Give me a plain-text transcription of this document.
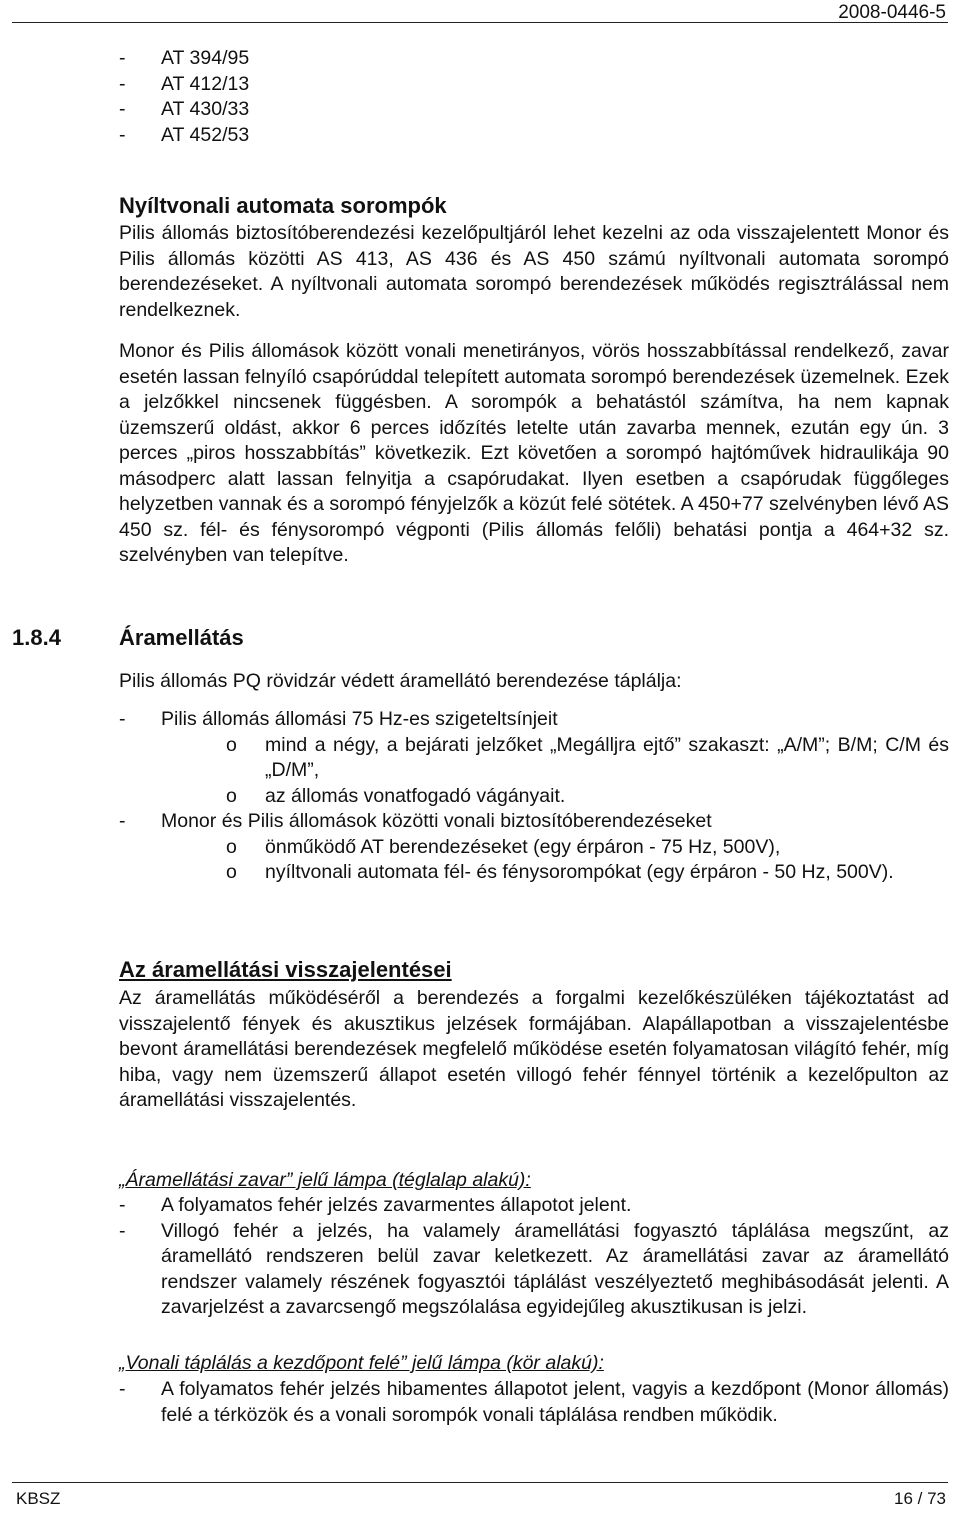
2008-0446-5
- AT 394/95
- AT 412/13
- AT 430/33
- AT 452/53
Nyíltvonali automata sorompók
Pilis állomás biztosítóberendezési kezelőpultjáról lehet kezelni az oda visszajelentett Monor és Pilis állomás közötti AS 413, AS 436 és AS 450 számú nyíltvonali automata sorompó berendezéseket. A nyíltvonali automata sorompó berendezések működés regisztrálással nem rendelkeznek.
Monor és Pilis állomások között vonali menetirányos, vörös hosszabbítással rendelkező, zavar esetén lassan felnyíló csapórúddal telepített automata sorompó berendezések üzemelnek. Ezek a jelzőkkel nincsenek függésben. A sorompók a behatástól számítva, ha nem kapnak üzemszerű oldást, akkor 6 perces időzítés letelte után zavarba mennek, ezután egy ún. 3 perces „piros hosszabbítás” következik. Ezt követően a sorompó hajtóművek hidraulikája 90 másodperc alatt lassan felnyitja a csapórudakat. Ilyen esetben a csapórudak függőleges helyzetben vannak és a sorompó fényjelzők a közút felé sötétek. A 450+77 szelvényben lévő AS 450 sz. fél- és fénysorompó végponti (Pilis állomás felőli) behatási pontja a 464+32 sz. szelvényben van telepítve.
1.8.4	Áramellátás
Pilis állomás PQ rövidzár védett áramellátó berendezése táplálja:
- Pilis állomás állomási 75 Hz-es szigeteltsínjeit
o mind a négy, a bejárati jelzőket „Megálljra ejtő” szakaszt: „A/M”; B/M; C/M és „D/M”,
o az állomás vonatfogadó vágányait.
- Monor és Pilis állomások közötti vonali biztosítóberendezéseket
o önműködő AT berendezéseket (egy érpáron - 75 Hz, 500V),
o nyíltvonali automata fél- és fénysorompókat (egy érpáron - 50 Hz, 500V).
Az áramellátási visszajelentései
Az áramellátás működéséről a berendezés a forgalmi kezelőkészüléken tájékoztatást ad visszajelentő fények és akusztikus jelzések formájában. Alapállapotban a visszajelentésbe bevont áramellátási berendezések megfelelő működése esetén folyamatosan világító fehér, míg hiba, vagy nem üzemszerű állapot esetén villogó fehér fénnyel történik a kezelőpulton az áramellátási visszajelentés.
„Áramellátási zavar” jelű lámpa (téglalap alakú):
- A folyamatos fehér jelzés zavarmentes állapotot jelent.
- Villogó fehér a jelzés, ha valamely áramellátási fogyasztó táplálása megszűnt, az áramellátó rendszeren belül zavar keletkezett. Az áramellátási zavar az áramellátó rendszer valamely részének fogyasztói táplálást veszélyeztető meghibásodását jelenti. A zavarjelzést a zavarcsengő megszólalása egyidejűleg akusztikusan is jelzi.
„Vonali táplálás a kezdőpont felé” jelű lámpa (kör alakú):
- A folyamatos fehér jelzés hibamentes állapotot jelent, vagyis a kezdőpont (Monor állomás) felé a térközök és a vonali sorompók vonali táplálása rendben működik.
KBSZ	16 / 73
